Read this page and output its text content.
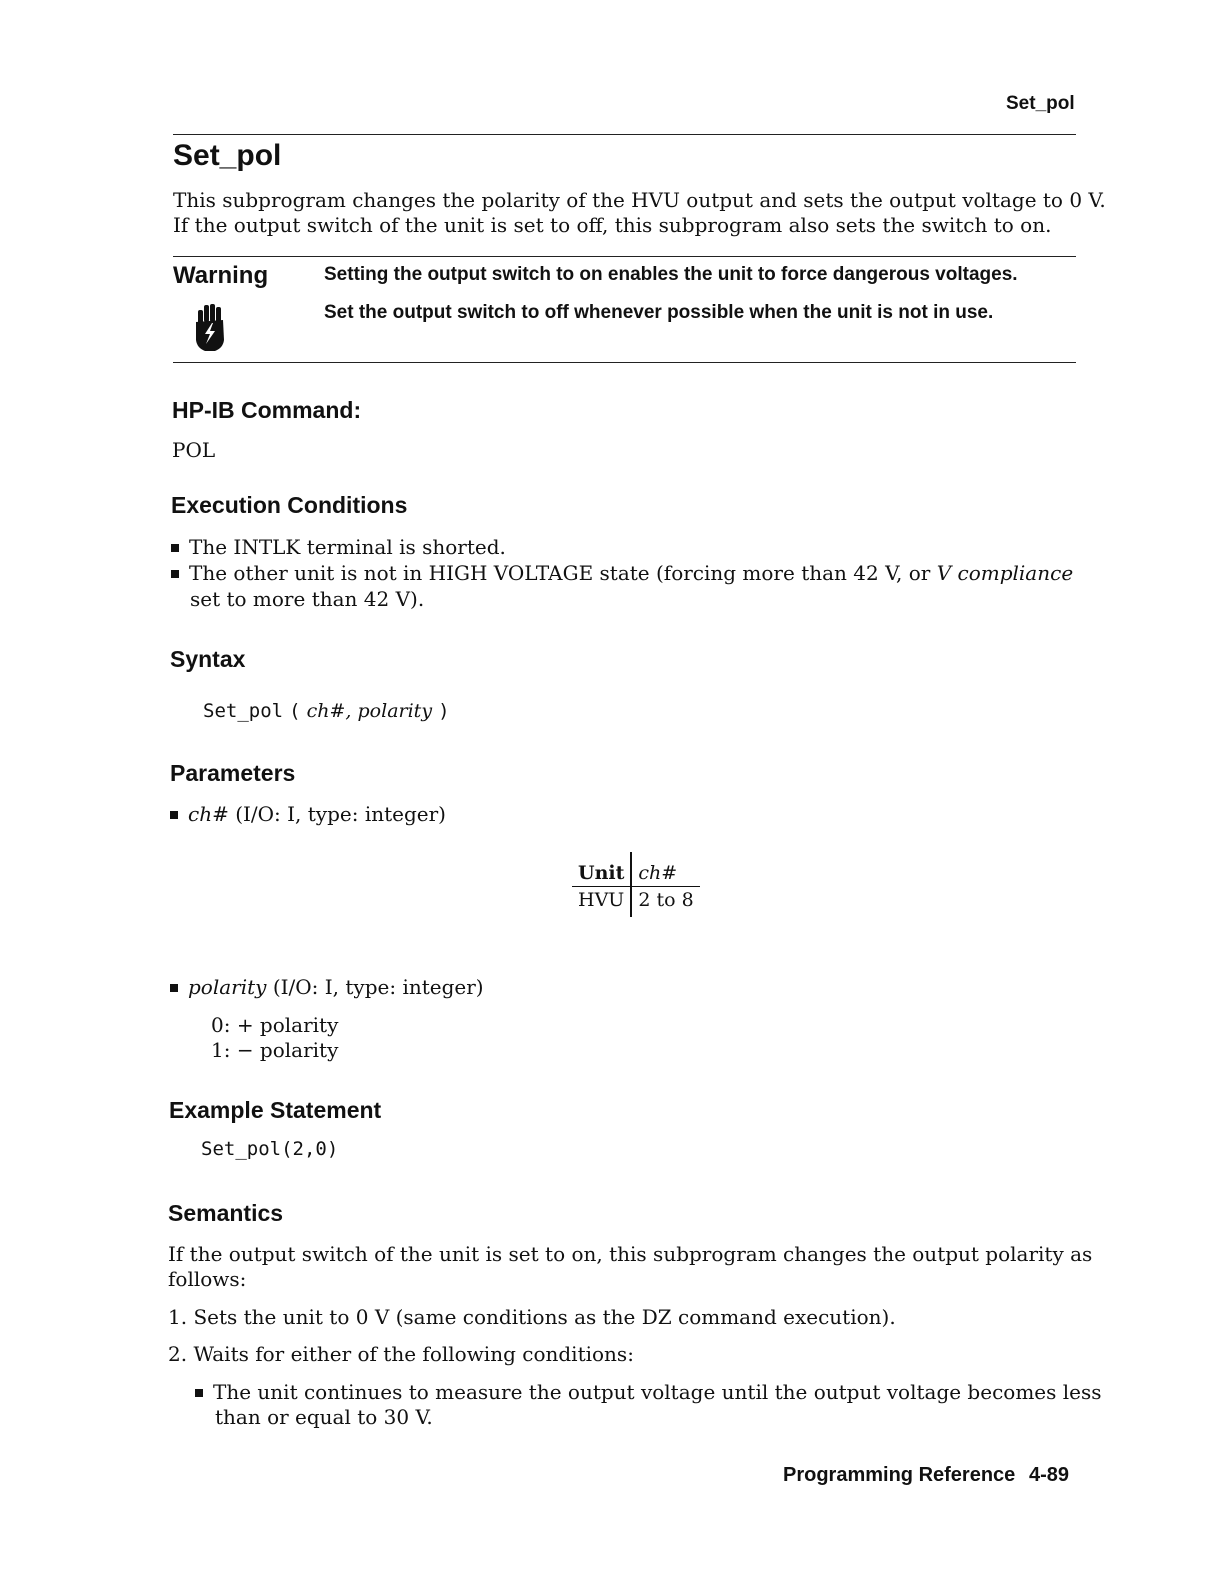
Set_pol
Set_pol
This subprogram changes the polarity of the HVU output and sets the output voltage to 0 V.
If the output switch of the unit is set to off, this subprogram also sets the switch to on.
Warning	Setting the output switch to on enables the unit to force dangerous voltages.
Set the output switch to off whenever possible when the unit is not in use.
HP-IB Command:
POL
Execution Conditions
The INTLK terminal is shorted.
The other unit is not in HIGH VOLTAGE state (forcing more than 42 V, or V compliance
set to more than 42 V).
Syntax
Set_pol ( ch#, polarity )
Parameters
ch# (I/O: I, type: integer)
Unit	ch#
HVU	2 to 8
polarity (I/O: I, type: integer)
0: + polarity
1: − polarity
Example Statement
Set_pol(2,0)
Semantics
If the output switch of the unit is set to on, this subprogram changes the output polarity as
follows:
1. Sets the unit to 0 V (same conditions as the DZ command execution).
2. Waits for either of the following conditions:
The unit continues to measure the output voltage until the output voltage becomes less
than or equal to 30 V.
Programming Reference 4-89
